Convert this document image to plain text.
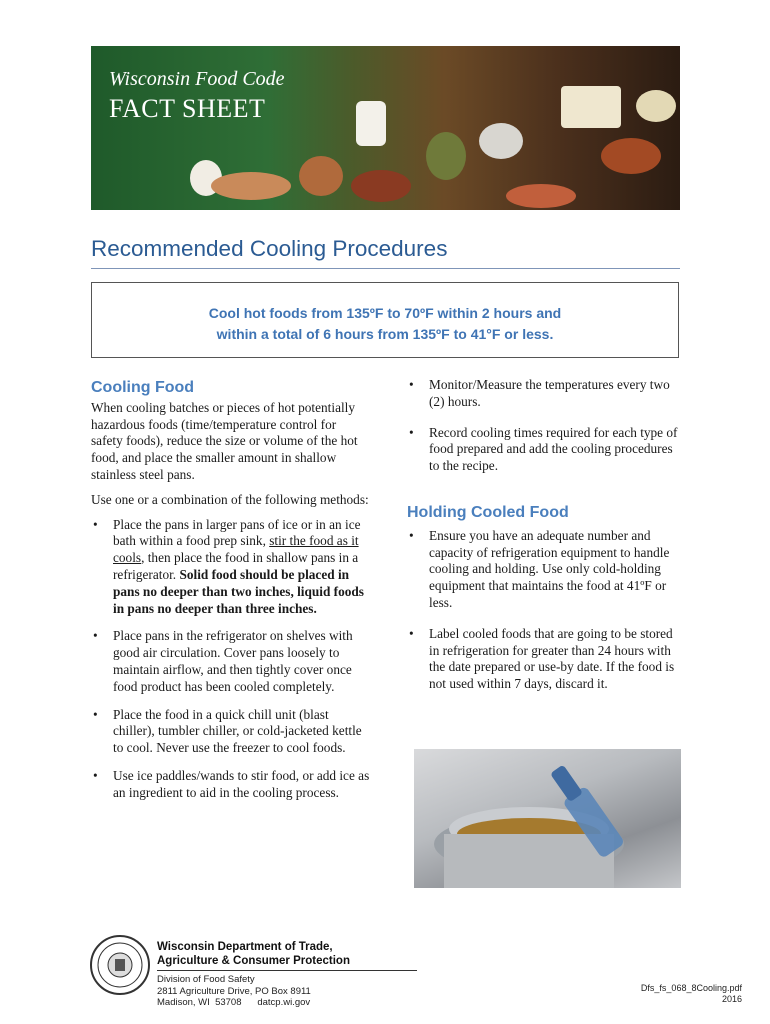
Wisconsin Food Code
FACT SHEET
Recommended Cooling Procedures
Cool hot foods from 135ºF to 70ºF within 2 hours and
within a total of 6 hours from 135ºF to 41°F or less.
Cooling Food

When cooling batches or pieces of hot potentially hazardous foods (time/temperature control for safety foods), reduce the size or volume of the hot food, and place the smaller amount in shallow stainless steel pans.

Use one or a combination of the following methods:

• Place the pans in larger pans of ice or in an ice bath within a food prep sink, stir the food as it cools, then place the food in shallow pans in a refrigerator. Solid food should be placed in pans no deeper than two inches, liquid foods in pans no deeper than three inches.
• Place pans in the refrigerator on shelves with good air circulation. Cover pans loosely to maintain airflow, and then tightly cover once food product has been cooled completely.
• Place the food in a quick chill unit (blast chiller), tumbler chiller, or cold-jacketed kettle to cool. Never use the freezer to cool foods.
• Use ice paddles/wands to stir food, or add ice as an ingredient to aid in the cooling process.
• Monitor/Measure the temperatures every two (2) hours.
• Record cooling times required for each type of food prepared and add the cooling procedures to the recipe.
Holding Cooled Food
• Ensure you have an adequate number and capacity of refrigeration equipment to handle cooling and holding. Use only cold-holding equipment that maintains the food at 41ºF or less.
• Label cooled foods that are going to be stored in refrigeration for greater than 24 hours with the date prepared or use-by date. If the food is not used within 7 days, discard it.
Wisconsin Department of Trade,
Agriculture & Consumer Protection
Division of Food Safety
2811 Agriculture Drive, PO Box 8911
Madison, WI  53708      datcp.wi.gov
Dfs_fs_068_8Cooling.pdf
2016
